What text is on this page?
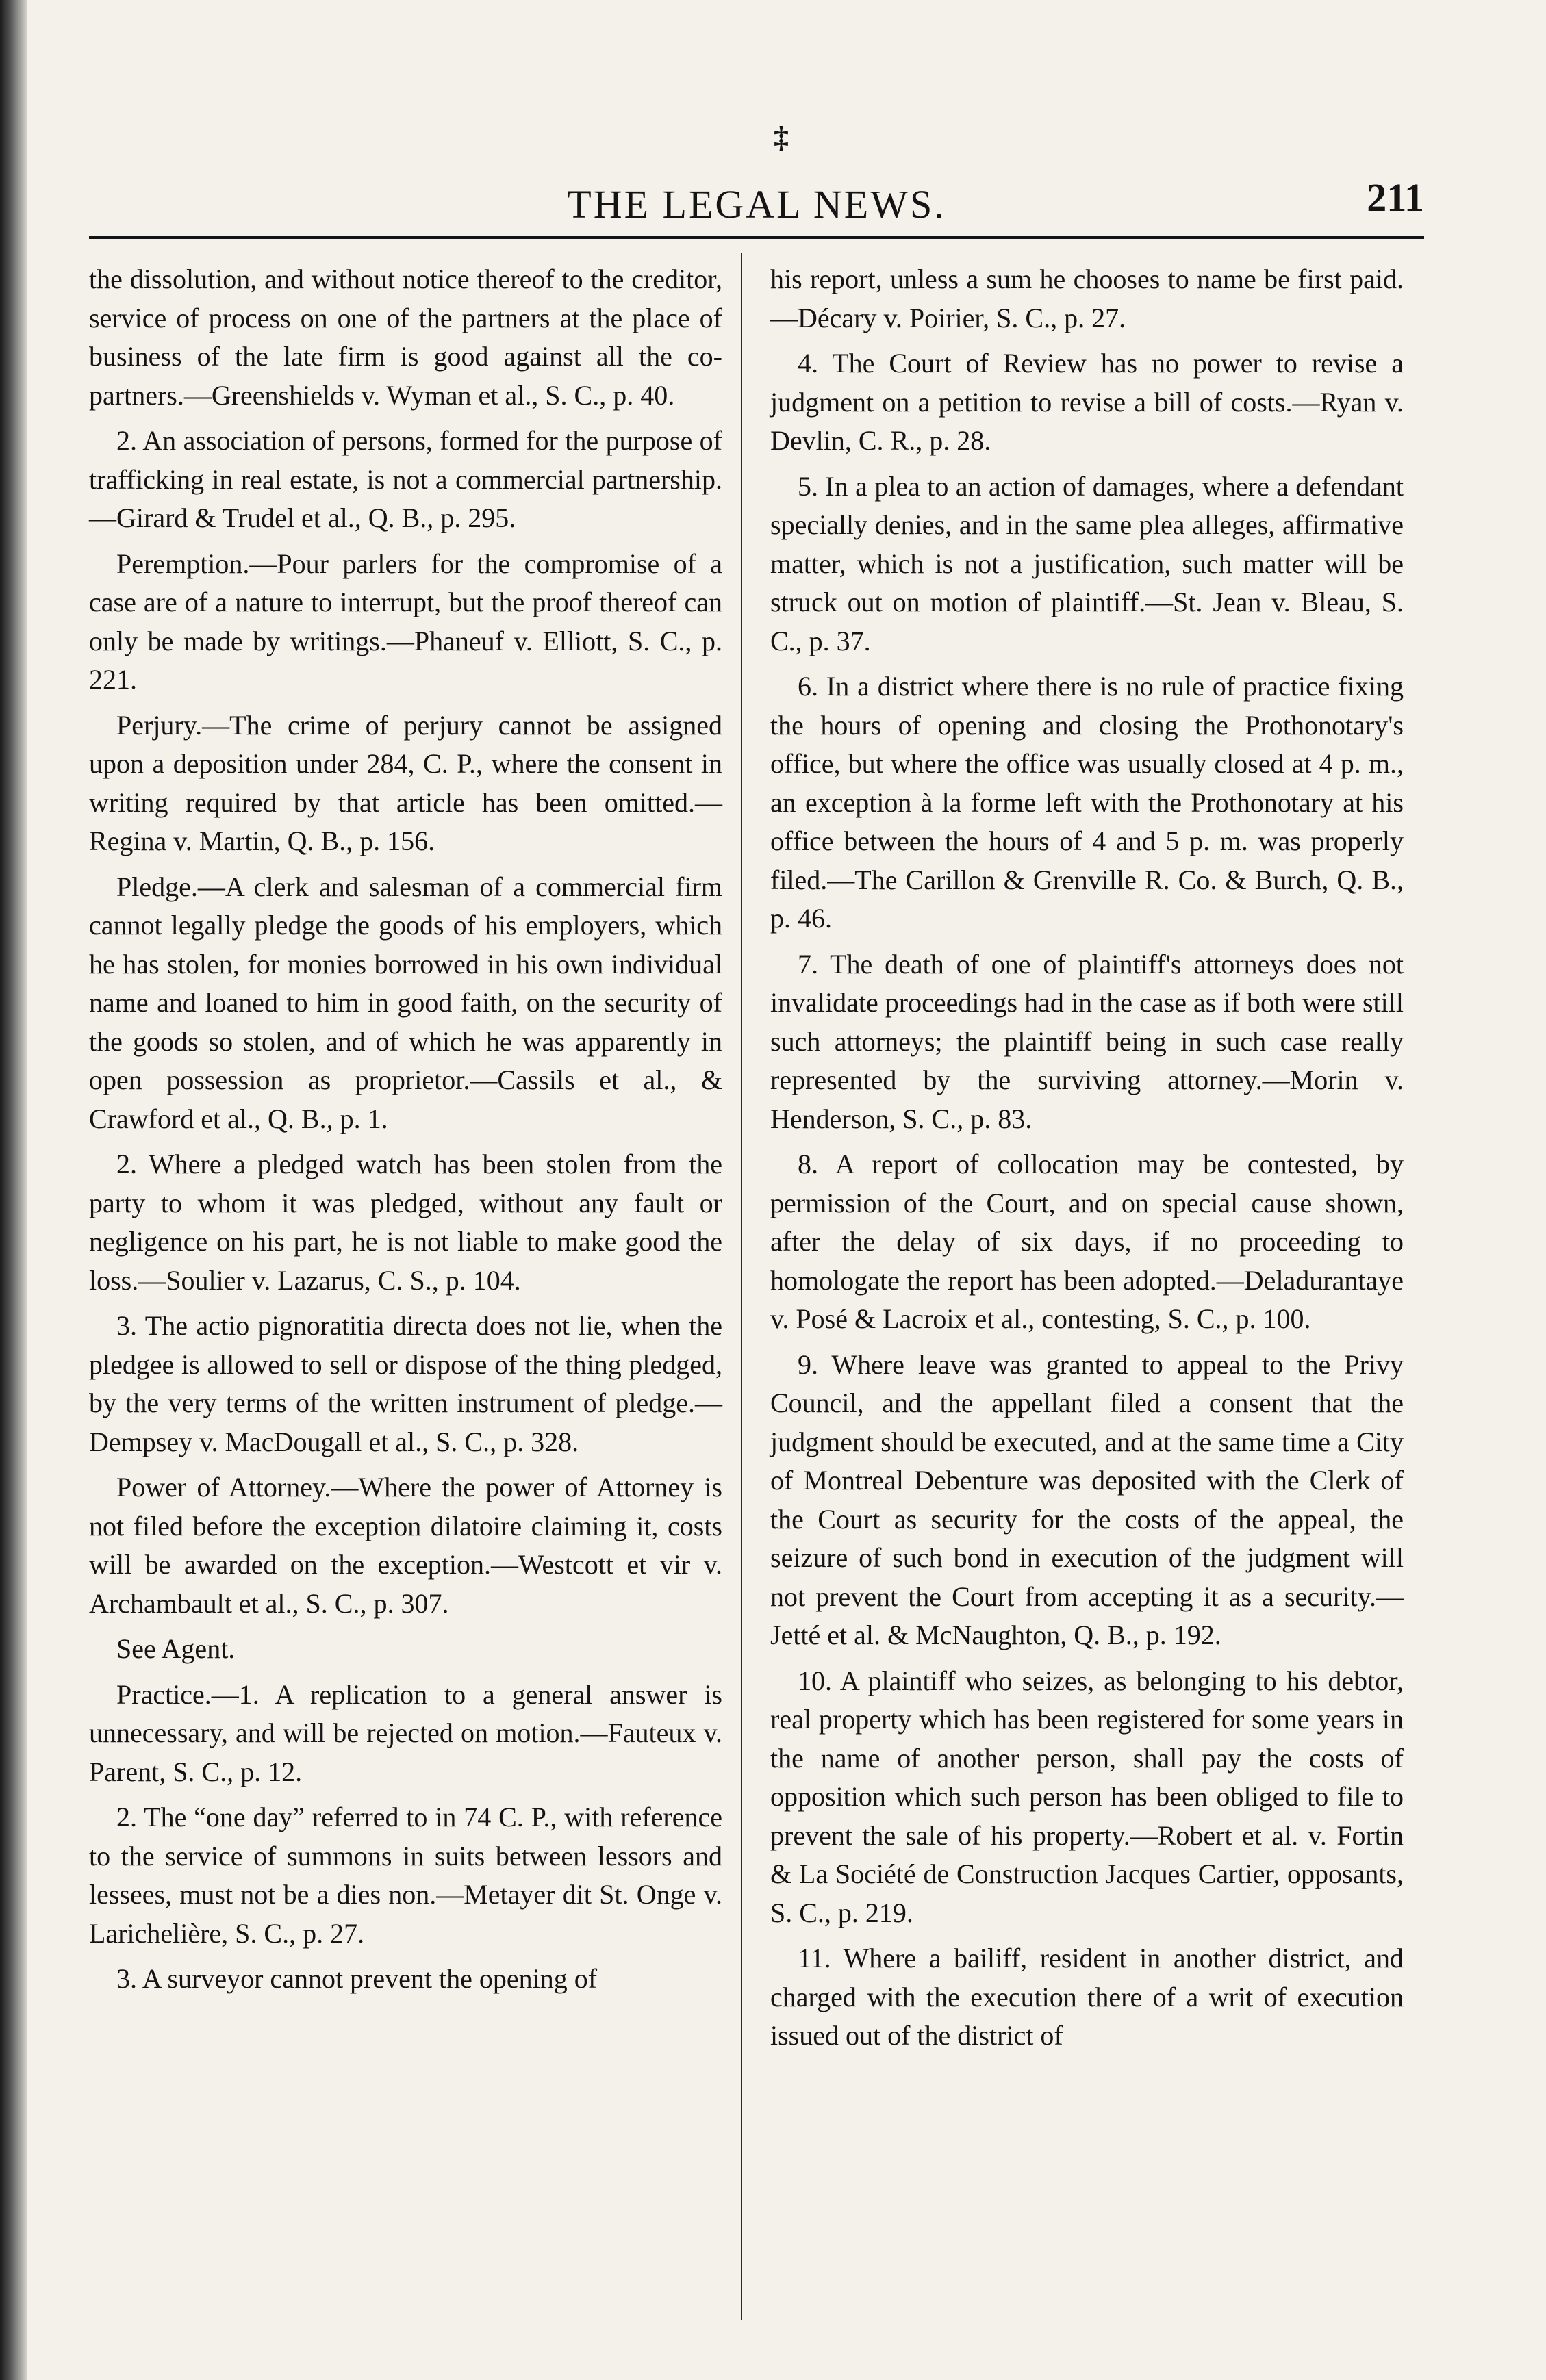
‡
THE LEGAL NEWS.	211

the dissolution, and without notice thereof to the creditor, service of process on one of the partners at the place of business of the late firm is good against all the co-partners.—Greenshields v. Wyman et al., S. C., p. 40.

2. An association of persons, formed for the purpose of trafficking in real estate, is not a commercial partnership.—Girard & Trudel et al., Q. B., p. 295.

Peremption.—Pour parlers for the compromise of a case are of a nature to interrupt, but the proof thereof can only be made by writings.—Phaneuf v. Elliott, S. C., p. 221.

Perjury.—The crime of perjury cannot be assigned upon a deposition under 284, C. P., where the consent in writing required by that article has been omitted.—Regina v. Martin, Q. B., p. 156.

Pledge.—A clerk and salesman of a commercial firm cannot legally pledge the goods of his employers, which he has stolen, for monies borrowed in his own individual name and loaned to him in good faith, on the security of the goods so stolen, and of which he was apparently in open possession as proprietor.—Cassils et al., & Crawford et al., Q. B., p. 1.

2. Where a pledged watch has been stolen from the party to whom it was pledged, without any fault or negligence on his part, he is not liable to make good the loss.—Soulier v. Lazarus, C. S., p. 104.

3. The actio pignoratitia directa does not lie, when the pledgee is allowed to sell or dispose of the thing pledged, by the very terms of the written instrument of pledge.—Dempsey v. MacDougall et al., S. C., p. 328.

Power of Attorney.—Where the power of Attorney is not filed before the exception dilatoire claiming it, costs will be awarded on the exception.—Westcott et vir v. Archambault et al., S. C., p. 307.

See Agent.

Practice.—1. A replication to a general answer is unnecessary, and will be rejected on motion.—Fauteux v. Parent, S. C., p. 12.

2. The “one day” referred to in 74 C. P., with reference to the service of summons in suits between lessors and lessees, must not be a dies non.—Metayer dit St. Onge v. Larichelière, S. C., p. 27.

3. A surveyor cannot prevent the opening of

his report, unless a sum he chooses to name be first paid.—Décary v. Poirier, S. C., p. 27.

4. The Court of Review has no power to revise a judgment on a petition to revise a bill of costs.—Ryan v. Devlin, C. R., p. 28.

5. In a plea to an action of damages, where a defendant specially denies, and in the same plea alleges, affirmative matter, which is not a justification, such matter will be struck out on motion of plaintiff.—St. Jean v. Bleau, S. C., p. 37.

6. In a district where there is no rule of practice fixing the hours of opening and closing the Prothonotary's office, but where the office was usually closed at 4 p. m., an exception à la forme left with the Prothonotary at his office between the hours of 4 and 5 p. m. was properly filed.—The Carillon & Grenville R. Co. & Burch, Q. B., p. 46.

7. The death of one of plaintiff's attorneys does not invalidate proceedings had in the case as if both were still such attorneys; the plaintiff being in such case really represented by the surviving attorney.—Morin v. Henderson, S. C., p. 83.

8. A report of collocation may be contested, by permission of the Court, and on special cause shown, after the delay of six days, if no proceeding to homologate the report has been adopted.—Deladurantaye v. Posé & Lacroix et al., contesting, S. C., p. 100.

9. Where leave was granted to appeal to the Privy Council, and the appellant filed a consent that the judgment should be executed, and at the same time a City of Montreal Debenture was deposited with the Clerk of the Court as security for the costs of the appeal, the seizure of such bond in execution of the judgment will not prevent the Court from accepting it as a security.—Jetté et al. & McNaughton, Q. B., p. 192.

10. A plaintiff who seizes, as belonging to his debtor, real property which has been registered for some years in the name of another person, shall pay the costs of opposition which such person has been obliged to file to prevent the sale of his property.—Robert et al. v. Fortin & La Société de Construction Jacques Cartier, opposants, S. C., p. 219.

11. Where a bailiff, resident in another district, and charged with the execution there of a writ of execution issued out of the district of
